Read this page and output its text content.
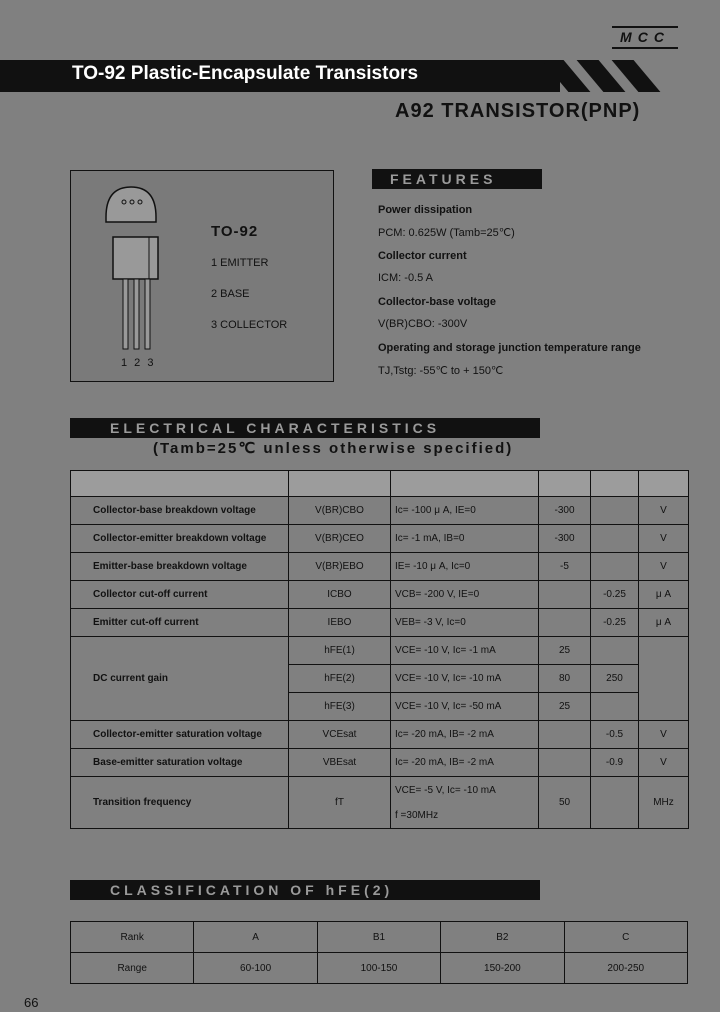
MCC
TO-92 Plastic-Encapsulate Transistors
A92 TRANSISTOR(PNP)
1 2 3
TO-92
1 EMITTER
2 BASE
3 COLLECTOR
FEATURES
Power dissipation
PCM: 0.625W (Tamb=25℃)
Collector current
ICM: -0.5 A
Collector-base voltage
V(BR)CBO: -300V
Operating and storage junction temperature range
TJ,Tstg: -55℃ to + 150℃
ELECTRICAL CHARACTERISTICS
(Tamb=25℃ unless otherwise specified)

Collector-base breakdown voltage	V(BR)CBO	Ic= -100 μ A, IE=0	-300		V
Collector-emitter breakdown voltage	V(BR)CEO	Ic= -1 mA, IB=0	-300		V
Emitter-base breakdown voltage	V(BR)EBO	IE= -10 μ A, Ic=0	-5		V
Collector cut-off current	ICBO	VCB= -200 V, IE=0		-0.25	μ A
Emitter cut-off current	IEBO	VEB= -3 V, Ic=0		-0.25	μ A
DC current gain	hFE(1)	VCE= -10 V, Ic= -1 mA	25		
	hFE(2)	VCE= -10 V, Ic= -10 mA	80	250	
	hFE(3)	VCE= -10 V, Ic= -50 mA	25		
Collector-emitter saturation voltage	VCEsat	Ic= -20 mA, IB= -2 mA		-0.5	V
Base-emitter saturation voltage	VBEsat	Ic= -20 mA, IB= -2 mA		-0.9	V
Transition frequency	fT	VCE= -5 V, Ic= -10 mA
f =30MHz	50		MHz
CLASSIFICATION OF hFE(2)
Rank	A	B1	B2	C
Range	60-100	100-150	150-200	200-250
66
